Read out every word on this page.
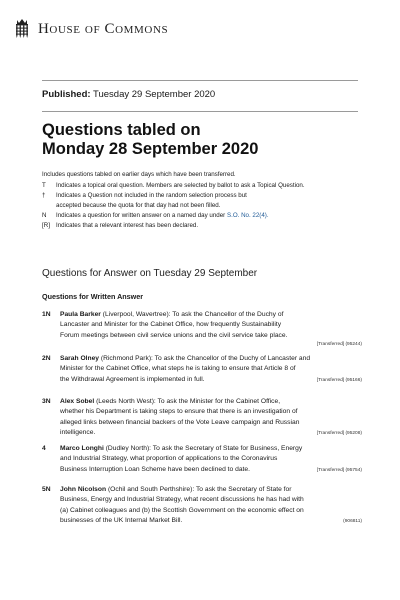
House of Commons
Published: Tuesday 29 September 2020
Questions tabled on
Monday 28 September 2020
Includes questions tabled on earlier days which have been transferred.
T	Indicates a topical oral question. Members are selected by ballot to ask a Topical Question.
†	Indicates a Question not included in the random selection process but
accepted because the quota for that day had not been filled.
N	Indicates a question for written answer on a named day under S.O. No. 22(4).
[R] Indicates that a relevant interest has been declared.
Questions for Answer on Tuesday 29 September
Questions for Written Answer
1N Paula Barker (Liverpool, Wavertree): To ask the Chancellor of the Duchy of
Lancaster and Minister for the Cabinet Office, how frequently Sustainability
Forum meetings between civil service unions and the civil service take place.
[Transferred] (95244)
2N Sarah Olney (Richmond Park): To ask the Chancellor of the Duchy of Lancaster and
Minister for the Cabinet Office, what steps he is taking to ensure that Article 8 of
the Withdrawal Agreement is implemented in full.	[Transferred] (95166)
3N Alex Sobel (Leeds North West): To ask the Minister for the Cabinet Office,
whether his Department is taking steps to ensure that there is an investigation of
alleged links between financial backers of the Vote Leave campaign and Russian
intelligence.	[Transferred] (95208)
4 Marco Longhi (Dudley North): To ask the Secretary of State for Business, Energy
and Industrial Strategy, what proportion of applications to the Coronavirus
Business Interruption Loan Scheme have been declined to date.	[Transferred] (95754)
5N John Nicolson (Ochil and South Perthshire): To ask the Secretary of State for
Business, Energy and Industrial Strategy, what recent discussions he has had with
(a) Cabinet colleagues and (b) the Scottish Government on the economic effect on
businesses of the UK Internal Market Bill.	(906811)
